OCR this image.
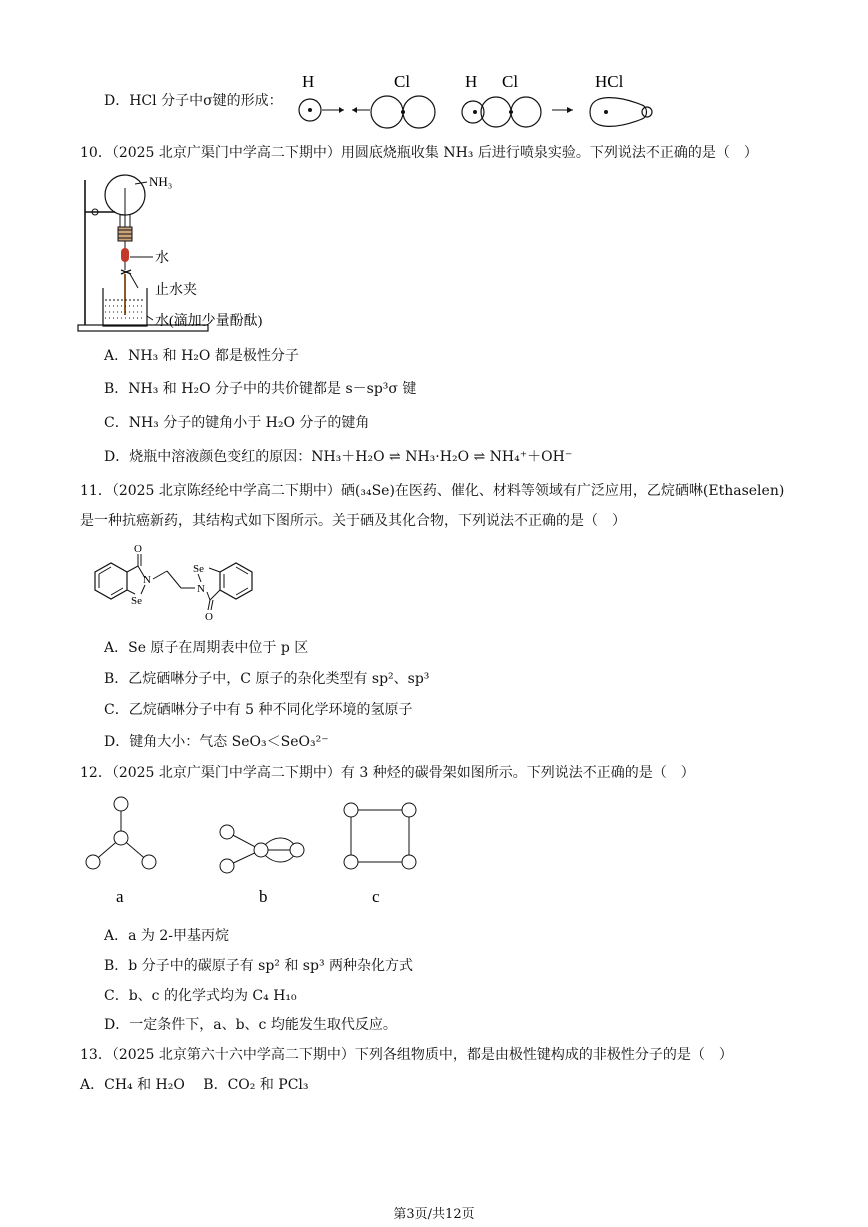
D．HCl 分子中σ键的形成：
H	Cl	H Cl	HCl
10．（2025 北京广渠门中学高二下期中）用圆底烧瓶收集 NH₃ 后进行喷泉实验。下列说法不正确的是（　）
NH₃
水
止水夹
水(滴加少量酚酞)
A．NH₃ 和 H₂O 都是极性分子
B．NH₃ 和 H₂O 分子中的共价键都是 s－sp³σ 键
C．NH₃ 分子的键角小于 H₂O 分子的键角
D．烧瓶中溶液颜色变红的原因：NH₃＋H₂O ⇌ NH₃·H₂O ⇌ NH₄⁺＋OH⁻
11．（2025 北京陈经纶中学高二下期中）硒(₃₄Se)在医药、催化、材料等领域有广泛应用，乙烷硒啉(Ethaselen)
是一种抗癌新药，其结构式如下图所示。关于硒及其化合物，下列说法不正确的是（　）
O
N
Se
N
Se
O
A．Se 原子在周期表中位于 p 区
B．乙烷硒啉分子中，C 原子的杂化类型有 sp²、sp³
C．乙烷硒啉分子中有 5 种不同化学环境的氢原子
D．键角大小：气态 SeO₃＜SeO₃²⁻
12．（2025 北京广渠门中学高二下期中）有 3 种烃的碳骨架如图所示。下列说法不正确的是（　）
a	b	c
A．a 为 2-甲基丙烷
B．b 分子中的碳原子有 sp² 和 sp³ 两种杂化方式
C．b、c 的化学式均为 C₄ H₁₀
D．一定条件下，a、b、c 均能发生取代反应。
13．（2025 北京第六十六中学高二下期中）下列各组物质中，都是由极性键构成的非极性分子的是（　）
A．CH₄ 和 H₂O　 B．CO₂ 和 PCl₃
第3页/共12页
